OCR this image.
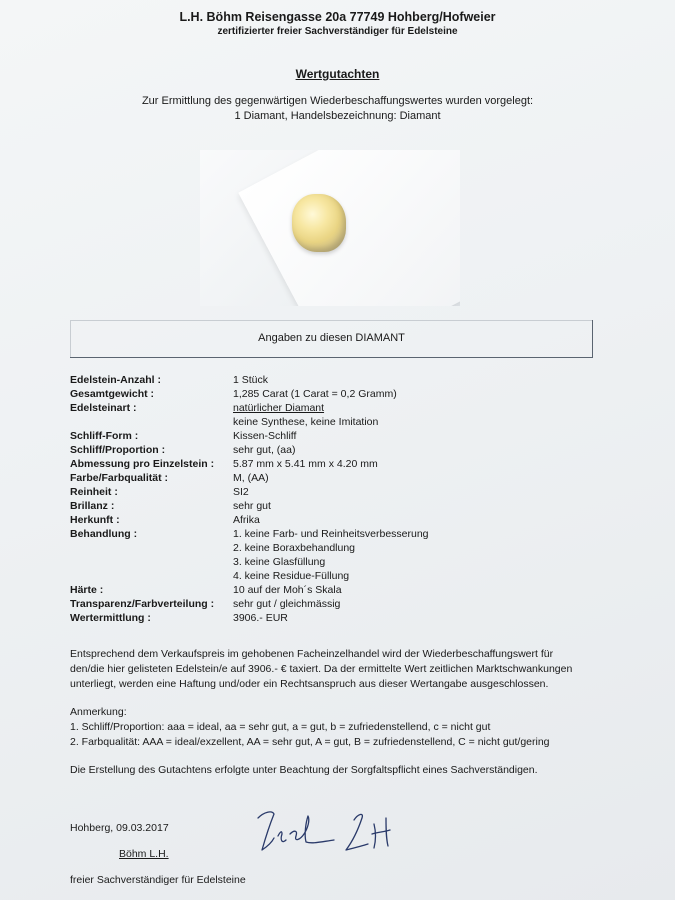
L.H. Böhm Reisengasse 20a 77749 Hohberg/Hofweier
zertifizierter freier Sachverständiger für Edelsteine
Wertgutachten
Zur Ermittlung des gegenwärtigen Wiederbeschaffungswertes wurden vorgelegt:
1 Diamant, Handelsbezeichnung: Diamant
Angaben zu diesen DIAMANT
Edelstein-Anzahl :	1 Stück
Gesamtgewicht :	1,285 Carat (1 Carat = 0,2 Gramm)
Edelsteinart :	natürlicher Diamant
keine Synthese, keine Imitation
Schliff-Form :	Kissen-Schliff
Schliff/Proportion :	sehr gut, (aa)
Abmessung pro Einzelstein : 5.87 mm x 5.41 mm x 4.20 mm
Farbe/Farbqualität :	M, (AA)
Reinheit :	SI2
Brillanz :	sehr gut
Herkunft :	Afrika
Behandlung :	1. keine Farb- und Reinheitsverbesserung
2. keine Boraxbehandlung
3. keine Glasfüllung
4. keine Residue-Füllung
Härte :	10 auf der Moh´s Skala
Transparenz/Farbverteilung : sehr gut / gleichmässig
Wertermittlung :	3906.- EUR
Entsprechend dem Verkaufspreis im gehobenen Facheinzelhandel wird der Wiederbeschaffungswert für
den/die hier gelisteten Edelstein/e auf 3906.- € taxiert. Da der ermittelte Wert zeitlichen Marktschwankungen
unterliegt, werden eine Haftung und/oder ein Rechtsanspruch aus dieser Wertangabe ausgeschlossen.
Anmerkung:
1. Schliff/Proportion: aaa = ideal, aa = sehr gut, a = gut, b = zufriedenstellend, c = nicht gut
2. Farbqualität: AAA = ideal/exzellent, AA = sehr gut, A = gut, B = zufriedenstellend, C = nicht gut/gering
Die Erstellung des Gutachtens erfolgte unter Beachtung der Sorgfaltspflicht eines Sachverständigen.
Hohberg, 09.03.2017
Böhm L.H.
freier Sachverständiger für Edelsteine
